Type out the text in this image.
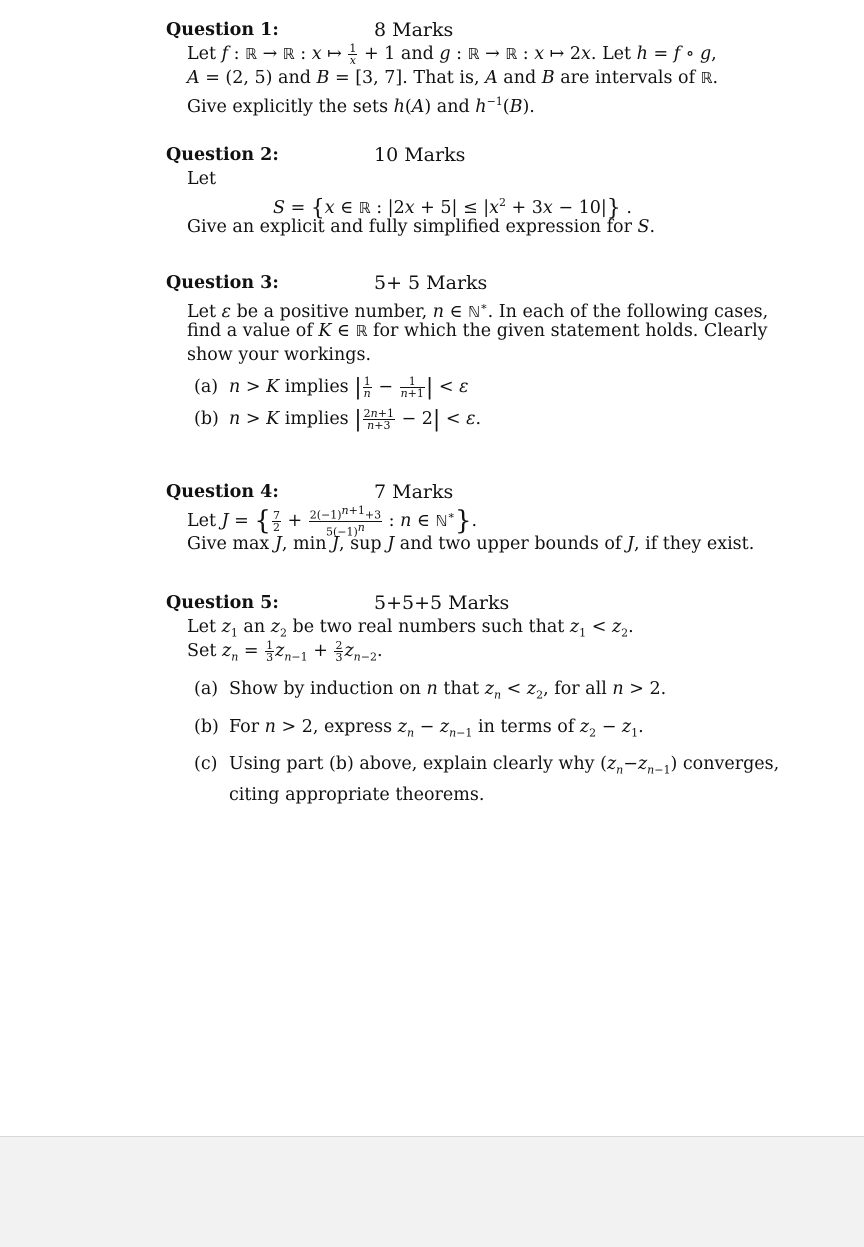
Question 1:	8 Marks
Let f : ℝ → ℝ : x ↦ $\frac{1}{x} + 1$ and g : ℝ → ℝ : x ↦ 2x. Let h = f ∘ g,
A = (2, 5) and B = [3, 7]. That is, A and B are intervals of ℝ.
Give explicitly the sets h(A) and $h^{-1}(B)$.
Question 2:	10 Marks
Let
S = {x ∈ ℝ : $|2x + 5| \le |x^2 + 3x - 10|$} .
Give an explicit and fully simplified expression for S.
Question 3:	5+ 5 Marks
Let ε be a positive number, n ∈ ℕ∗. In each of the following cases,
find a value of K ∈ ℝ for which the given statement holds. Clearly
show your workings.
(a) n > K implies | $\frac{1}{n} - \frac{1}{n+1}$ | < ε
(b) n > K implies | $\frac{2n+1}{n+3} - 2| < \varepsilon$.
Question 4:	7 Marks
Let J = { $\frac{7}{2} + \frac{2(-1)^{n+1}+3}{5(-1)^n}$ : n ∈ ℕ∗}.
Give max J, min J, sup J and two upper bounds of J, if they exist.
Question 5:	5+5+5 Marks
Let $z_1$ an $z_2$ be two real numbers such that $z_1 < z_2$.
Set $z_n = \frac{1}{3} z_{n-1} + \frac{2}{3} z_{n-2}$.
(a) Show by induction on n that $z_n < z_2$, for all n > 2.
(b) For n > 2, express $z_n - z_{n-1}$ in terms of $z_2 - z_1$.
(c) Using part (b) above, explain clearly why $(z_n-z_{n-1})$ converges,
citing appropriate theorems.
